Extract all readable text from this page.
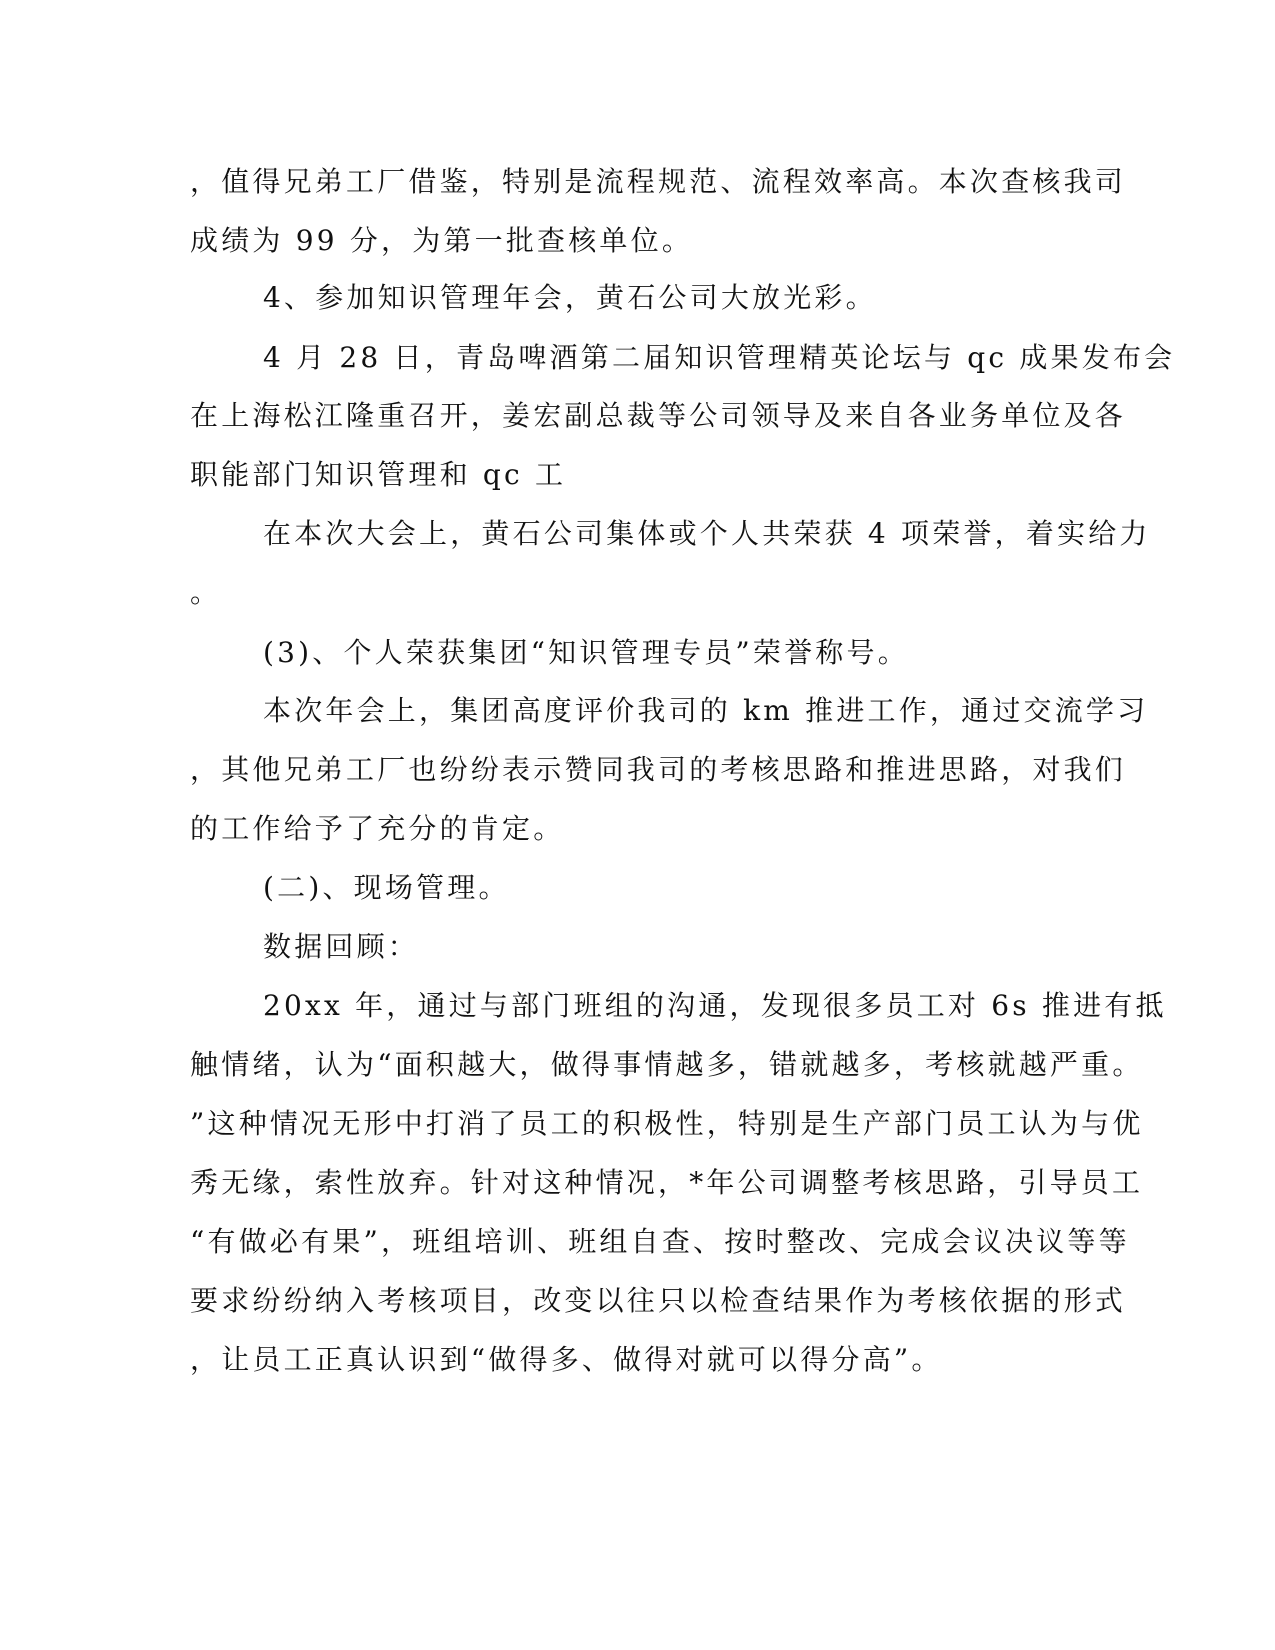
，值得兄弟工厂借鉴，特别是流程规范、流程效率高。本次查核我司
成绩为 99 分，为第一批查核单位。
4、参加知识管理年会，黄石公司大放光彩。
4 月 28 日，青岛啤酒第二届知识管理精英论坛与 qc 成果发布会
在上海松江隆重召开，姜宏副总裁等公司领导及来自各业务单位及各
职能部门知识管理和 qc 工
在本次大会上，黄石公司集体或个人共荣获 4 项荣誉，着实给力
。
(3)、个人荣获集团“知识管理专员”荣誉称号。
本次年会上，集团高度评价我司的 km 推进工作，通过交流学习
，其他兄弟工厂也纷纷表示赞同我司的考核思路和推进思路，对我们
的工作给予了充分的肯定。
(二)、现场管理。
数据回顾：
20xx 年，通过与部门班组的沟通，发现很多员工对 6s 推进有抵
触情绪，认为“面积越大，做得事情越多，错就越多，考核就越严重。
”这种情况无形中打消了员工的积极性，特别是生产部门员工认为与优
秀无缘，索性放弃。针对这种情况，*年公司调整考核思路，引导员工
“有做必有果”，班组培训、班组自查、按时整改、完成会议决议等等
要求纷纷纳入考核项目，改变以往只以检查结果作为考核依据的形式
，让员工正真认识到“做得多、做得对就可以得分高”。
